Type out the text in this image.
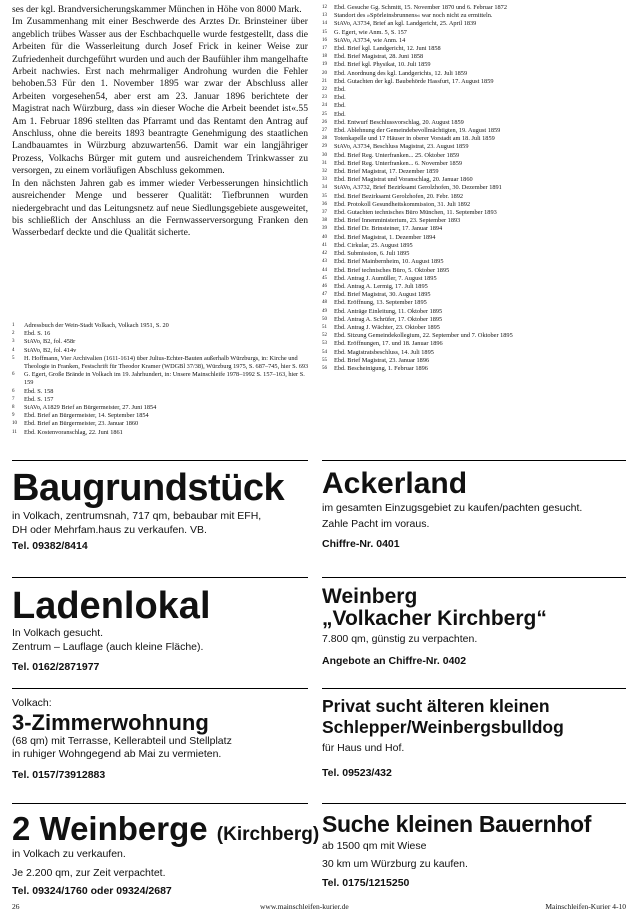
ses der kgl. Brandversicherungskammer München in Höhe von 8000 Mark.

Im Zusammenhang mit einer Beschwerde des Arztes Dr. Brinsteiner über angeblich trübes Wasser aus der Eschbachquelle wurde festgestellt, dass die Arbeiten für die Wasserleitung durch Josef Frick in keiner Weise zur Zufriedenheit durchgeführt wurden und auch der Baufühler ihm mangelhafte Arbeit nachwies. Erst nach mehrmaliger Androhung wurden die Fehler behoben.53 Für den 1. November 1895 war zwar der Abschluss aller Arbeiten vorgesehen54, aber erst am 23. Januar 1896 berichtete der Magistrat nach Würzburg, dass »in dieser Woche die Arbeit beendet ist«.55 Am 1. Februar 1896 stellten das Pfarramt und das Rentamt den Antrag auf Anschluss, ohne die bereits 1893 beantragte Genehmigung des staatlichen Landbauamtes in Würzburg abzuwarten56. Damit war ein langjähriger Prozess, Volkachs Bürger mit gutem und ausreichendem Trinkwasser zu versorgen, zu einem vorläufigen Abschluss gekommen.

In den nächsten Jahren gab es immer wieder Verbesserungen hinsichtlich ausreichender Menge und besserer Qualität: Tiefbrunnen wurden niedergebracht und das Leitungsnetz auf neue Siedlungsgebiete ausgeweitet, bis schließlich der Anschluss an die Fernwasserversorgung Franken den Wasserbedarf deckte und die Qualität sicherte.

1	Adressbuch der Wein-Stadt Volkach, Volkach 1951, S. 20
2	Ebd. S. 16
3	StAVo, B2, fol. 458r
4	StAVo, B2, fol. 414v
5	H. Hoffmann, Vier Archivalien (1611-1614) über Julius-Echter-Bauten außerhalb Würzburgs, in: Kirche und Theologie in Franken, Festschrift für Theodor Kramer (WDGBl 37/38), Würzburg 1975, S. 687–745, hier S. 693
6	G. Egert, Große Brände in Volkach im 19. Jahrhundert, in: Unsere Mainschleife 1978–1992 S. 157–163, hier S. 159
6	Ebd. S. 158
7	Ebd. S. 157
8	StAVo, A1829 Brief an Bürgermeister, 27. Juni 1854
9	Ebd. Brief an Bürgermeister, 14. September 1854
10	Ebd. Brief an Bürgermeister, 23. Januar 1860
11	Ebd. Kostenvoranschlag, 22. Juni 1861
12	Ebd. Gesuche Gg. Schmitt, 15. November 1870 und 6. Februar 1872
13	Standort des »Spörleinsbrunnens« war noch nicht zu ermitteln.
14	StAVo, A3734, Brief an kgl. Landgericht, 25. April 1839
15	G. Egert, wie Anm. 5, S. 157
16	StAVo, A3734, wie Anm. 14
17	Ebd. Brief kgl. Landgericht, 12. Juni 1858
18	Ebd. Brief Magistrat, 28. Juni 1858
19	Ebd. Brief kgl. Physikat, 10. Juli 1859
20	Ebd. Anordnung des kgl. Landgerichts, 12. Juli 1859
21	Ebd. Gutachten der kgl. Baubehörde Hassfurt, 17. August 1859
22	Ebd.
23	Ebd.
24	Ebd.
25	Ebd.
26	Ebd. Entwurf Beschlussvorschlag, 20. August 1859
27	Ebd. Ablehnung der Gemeindebevollmächtigten, 19. August 1859
28	Totenkapelle und 17 Häuser in oberer Vorstadt am 18. Juli 1859
29	StAVo, A3734, Beschluss Magistrat, 23. August 1859
30	Ebd. Brief Reg. Unterfranken... 25. Oktober 1859
31	Ebd. Brief Reg. Unterfranken... 6. November 1859
32	Ebd. Brief Magistrat, 17. Dezember 1859
33	Ebd. Brief Magistrat und Voranschlag, 20. Januar 1860
34	StAVo, A3732, Brief Bezirksamt Gerolzhofen, 30. Dezember 1891
35	Ebd. Brief Bezirksamt Gerolzhofen, 20. Febr. 1892
36	Ebd. Protokoll Gesundheitskommission, 31. Juli 1892
37	Ebd. Gutachten technisches Büro München, 11. September 1893
38	Ebd. Brief Innenministerium, 23. September 1893
39	Ebd. Brief Dr. Brinsteiner, 17. Januar 1894
40	Ebd. Brief Magistrat, 1. Dezember 1894
41	Ebd. Cirkular, 25. August 1895
42	Ebd. Submission, 6. Juli 1895
43	Ebd. Brief Mainbernheim, 10. August 1895
44	Ebd. Brief technisches Büro, 5. Oktober 1895
45	Ebd. Antrag J. Aumüller, 7. August 1895
46	Ebd. Antrag A. Lermig, 17. Juli 1895
47	Ebd. Brief Magistrat, 30. August 1895
48	Ebd. Eröffnung, 13. September 1895
49	Ebd. Anträge Einleitung, 11. Oktober 1895
50	Ebd. Antrag A. Schrüfer, 17. Oktober 1895
51	Ebd. Antrag J. Wächter, 23. Oktober 1895
52	Ebd. Sitzung Gemeindekollegium, 22. September und 7. Oktober 1895
53	Ebd. Eröffnungen, 17. und 18. Januar 1896
54	Ebd. Magistratsbeschluss, 14. Juli 1895
55	Ebd. Brief Magistrat, 23. Januar 1896
56	Ebd. Bescheinigung, 1. Februar 1896
Baugrundstück
in Volkach, zentrumsnah, 717 qm, bebaubar mit EFH,
DH oder Mehrfam.haus zu verkaufen. VB.
Tel. 09382/8414
Ladenlokal
In Volkach gesucht.
Zentrum – Lauflage (auch kleine Fläche).
Tel. 0162/2871977
Volkach:
3-Zimmerwohnung
(68 qm) mit Terrasse, Kellerabteil und Stellplatz
in ruhiger Wohngegend ab Mai zu vermieten.
Tel. 0157/73912883
2 Weinberge (Kirchberg)
in Volkach zu verkaufen.
Je 2.200 qm, zur Zeit verpachtet.
Tel. 09324/1760 oder 09324/2687
Ackerland
im gesamten Einzugsgebiet zu kaufen/pachten gesucht.
Zahle Pacht im voraus.
Chiffre-Nr. 0401
Weinberg
„Volkacher Kirchberg“
7.800 qm, günstig zu verpachten.
Angebote an Chiffre-Nr. 0402
Privat sucht älteren kleinen
Schlepper/Weinbergsbulldog
für Haus und Hof.
Tel. 09523/432
Suche kleinen Bauernhof
ab 1500 qm mit Wiese
30 km um Würzburg zu kaufen.
Tel. 0175/1215250
26	www.mainschleifen-kurier.de	Mainschleifen-Kurier 4-10
